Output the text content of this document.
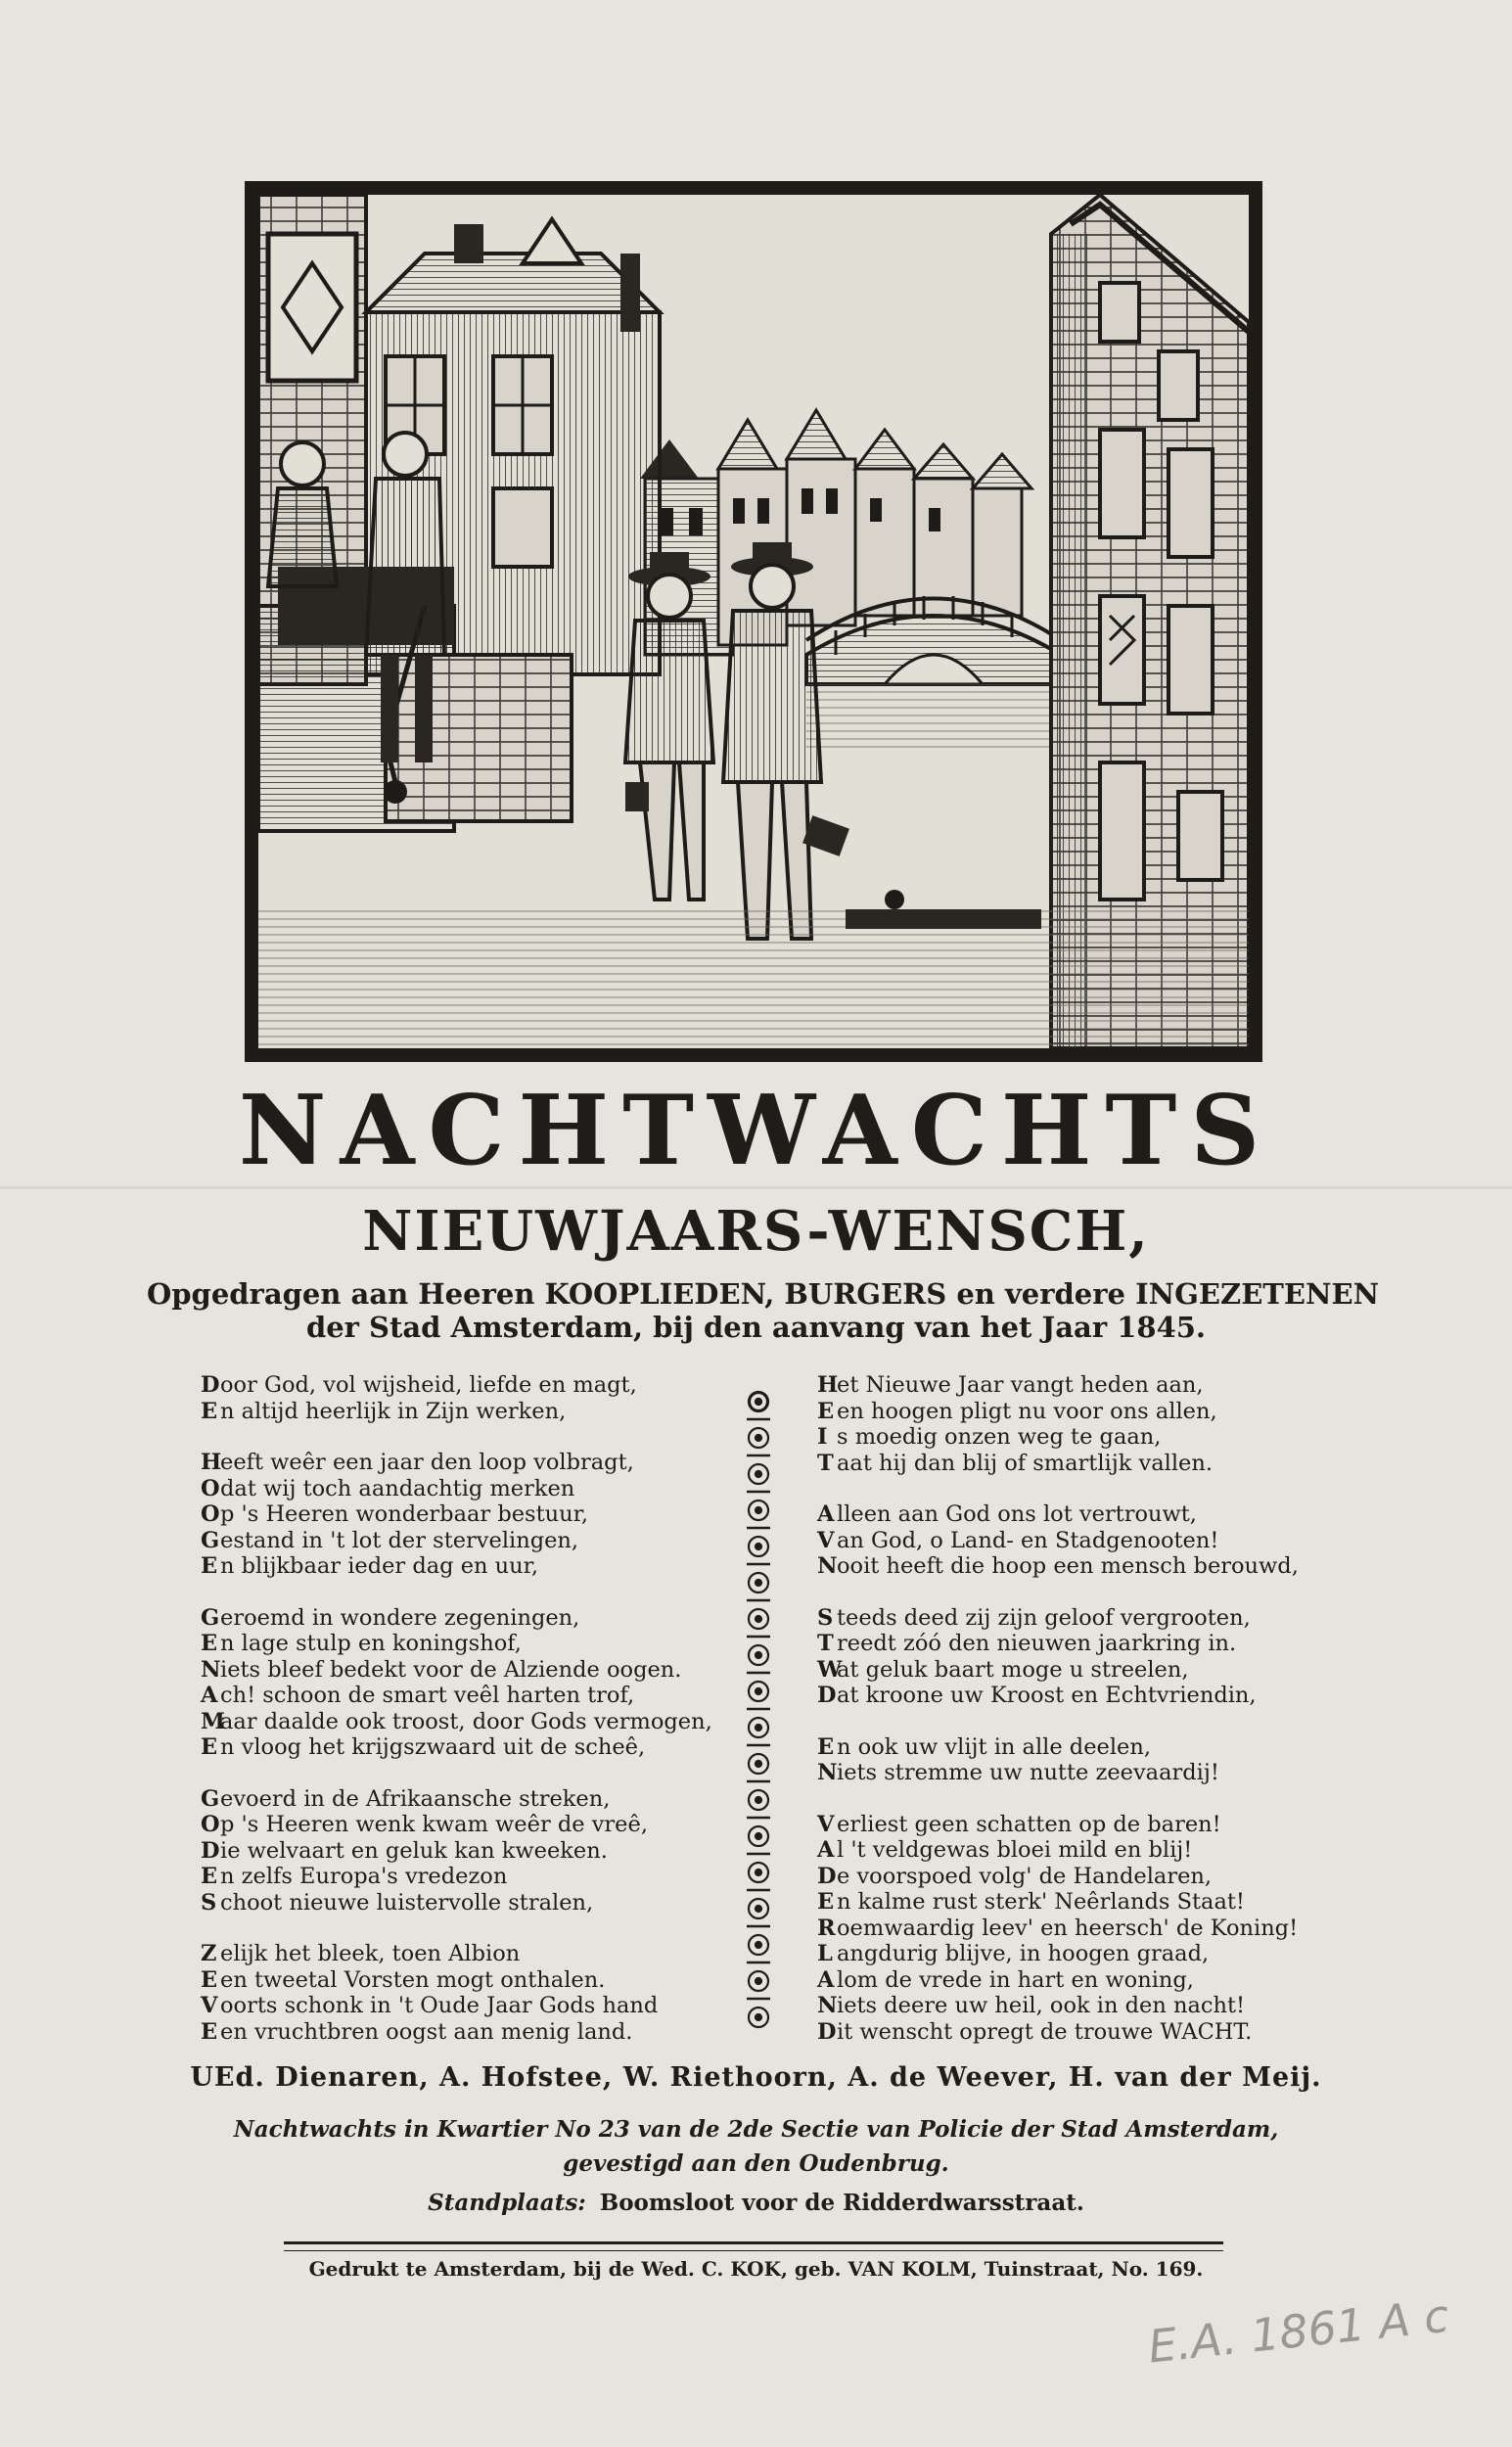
NACHTWACHTS
NIEUWJAARS-WENSCH,
Opgedragen aan Heeren KOOPLIEDEN, BURGERS en verdere INGEZETENEN
der Stad Amsterdam, bij den aanvang van het Jaar 1845.
Door God, vol wijsheid, liefde en magt,
E n altijd heerlijk in Zijn werken,
Heeft weêr een jaar den loop volbragt,
Odat wij toch aandachtig merken
Op 's Heeren wonderbaar bestuur,
Gestand in 't lot der stervelingen,
E n blijkbaar ieder dag en uur,
Geroemd in wondere zegeningen,
E n lage stulp en koningshof,
Niets bleef bedekt voor de Alziende oogen.
A ch! schoon de smart veêl harten trof,
Maar daalde ook troost, door Gods vermogen,
E n vloog het krijgszwaard uit de scheê,
Gevoerd in de Afrikaansche streken,
Op 's Heeren wenk kwam weêr de vreê,
Die welvaart en geluk kan kweeken.
E n zelfs Europa's vredezon
S choot nieuwe luistervolle stralen,
Z elijk het bleek, toen Albion
E en tweetal Vorsten mogt onthalen.
V oorts schonk in 't Oude Jaar Gods hand
E en vruchtbren oogst aan menig land.
Het Nieuwe Jaar vangt heden aan,
E en hoogen pligt nu voor ons allen,
I s moedig onzen weg te gaan,
T aat hij dan blij of smartlijk vallen.
A lleen aan God ons lot vertrouwt,
V an God, o Land- en Stadgenooten!
Nooit heeft die hoop een mensch berouwd,
S teeds deed zij zijn geloof vergrooten,
T reedt zóó den nieuwen jaarkring in.
Wat geluk baart moge u streelen,
Dat kroone uw Kroost en Echtvriendin,
E n ook uw vlijt in alle deelen,
Niets stremme uw nutte zeevaardij!
V erliest geen schatten op de baren!
A l 't veldgewas bloei mild en blij!
De voorspoed volg' de Handelaren,
E n kalme rust sterk' Neêrlands Staat!
Roemwaardig leev' en heersch' de Koning!
L angdurig blijve, in hoogen graad,
A lom de vrede in hart en woning,
Niets deere uw heil, ook in den nacht!
Dit wenscht opregt de trouwe WACHT.
UEd. Dienaren, A. Hofstee, W. Riethoorn, A. de Weever, H. van der Meij.
Nachtwachts in Kwartier No 23 van de 2de Sectie van Policie der Stad Amsterdam,
gevestigd aan den Oudenbrug.
Standplaats: Boomsloot voor de Ridderdwarsstraat.
Gedrukt te Amsterdam, bij de Wed. C. KOK, geb. VAN KOLM, Tuinstraat, No. 169.
E.A. 1861 A c
